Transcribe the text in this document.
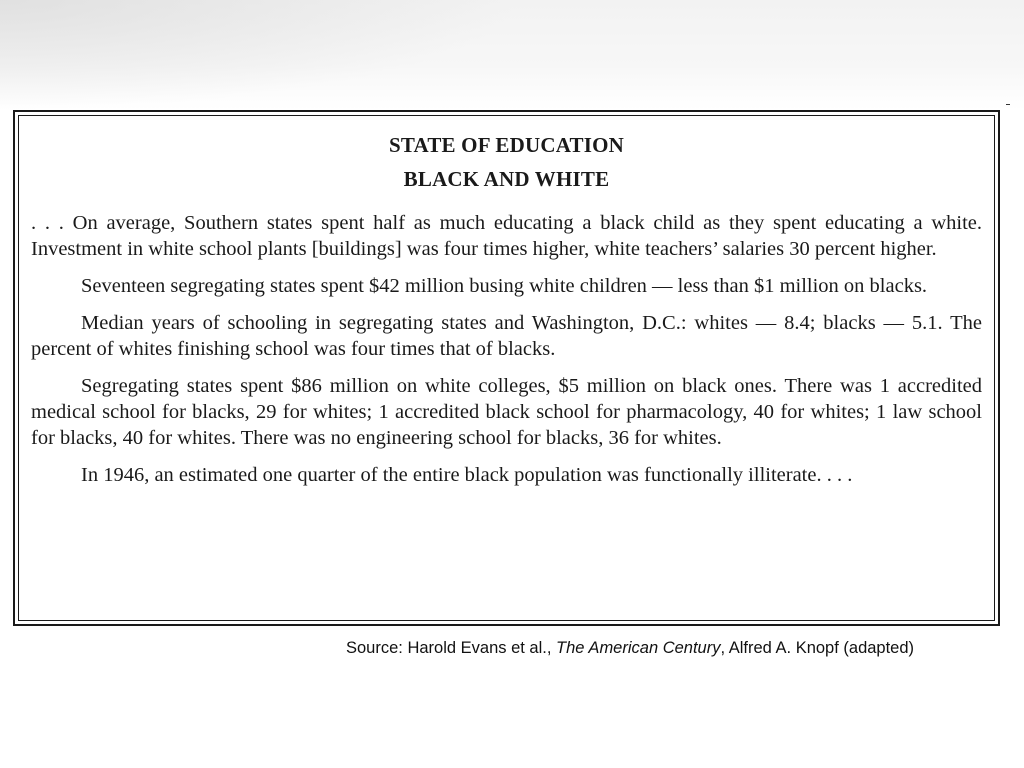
STATE OF EDUCATION
BLACK AND WHITE

. . . On average, Southern states spent half as much educating a black child as they spent educating a white. Investment in white school plants [buildings] was four times higher, white teachers’ salaries 30 percent higher.

Seventeen segregating states spent $42 million busing white children — less than $1 million on blacks.

Median years of schooling in segregating states and Washington, D.C.: whites — 8.4; blacks — 5.1. The percent of whites finishing school was four times that of blacks.

Segregating states spent $86 million on white colleges, $5 million on black ones. There was 1 accredited medical school for blacks, 29 for whites; 1 accredited black school for pharmacology, 40 for whites; 1 law school for blacks, 40 for whites. There was no engineering school for blacks, 36 for whites.

In 1946, an estimated one quarter of the entire black population was functionally illiterate. . . .

Source: Harold Evans et al., The American Century, Alfred A. Knopf (adapted)
